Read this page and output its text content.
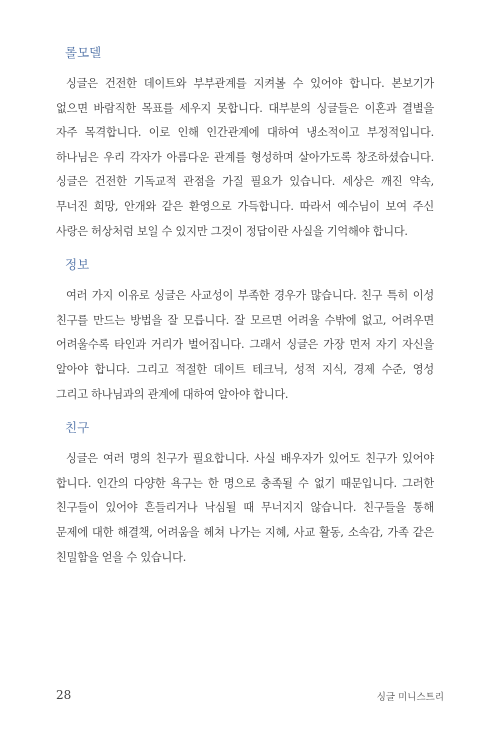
롤모델

싱글은 건전한 데이트와 부부관계를 지켜볼 수 있어야 합니다. 본보기가 없으면 바람직한 목표를 세우지 못합니다. 대부분의 싱글들은 이혼과 결별을 자주 목격합니다. 이로 인해 인간관계에 대하여 냉소적이고 부정적입니다. 하나님은 우리 각자가 아름다운 관계를 형성하며 살아가도록 창조하셨습니다. 싱글은 건전한 기독교적 관점을 가질 필요가 있습니다. 세상은 깨진 약속, 무너진 희망, 안개와 같은 환영으로 가득합니다. 따라서 예수님이 보여 주신 사랑은 허상처럼 보일 수 있지만 그것이 정답이란 사실을 기억해야 합니다.

정보

여러 가지 이유로 싱글은 사교성이 부족한 경우가 많습니다. 친구 특히 이성 친구를 만드는 방법을 잘 모릅니다. 잘 모르면 어려울 수밖에 없고, 어려우면 어려울수록 타인과 거리가 벌어집니다. 그래서 싱글은 가장 먼저 자기 자신을 알아야 합니다. 그리고 적절한 데이트 테크닉, 성적 지식, 경제 수준, 영성 그리고 하나님과의 관계에 대하여 알아야 합니다.

친구

싱글은 여러 명의 친구가 필요합니다. 사실 배우자가 있어도 친구가 있어야 합니다. 인간의 다양한 욕구는 한 명으로 충족될 수 없기 때문입니다. 그러한 친구들이 있어야 흔들리거나 낙심될 때 무너지지 않습니다. 친구들을 통해 문제에 대한 해결책, 어려움을 헤쳐 나가는 지혜, 사교 활동, 소속감, 가족 같은 친밀함을 얻을 수 있습니다.

28	싱글 미니스트리
